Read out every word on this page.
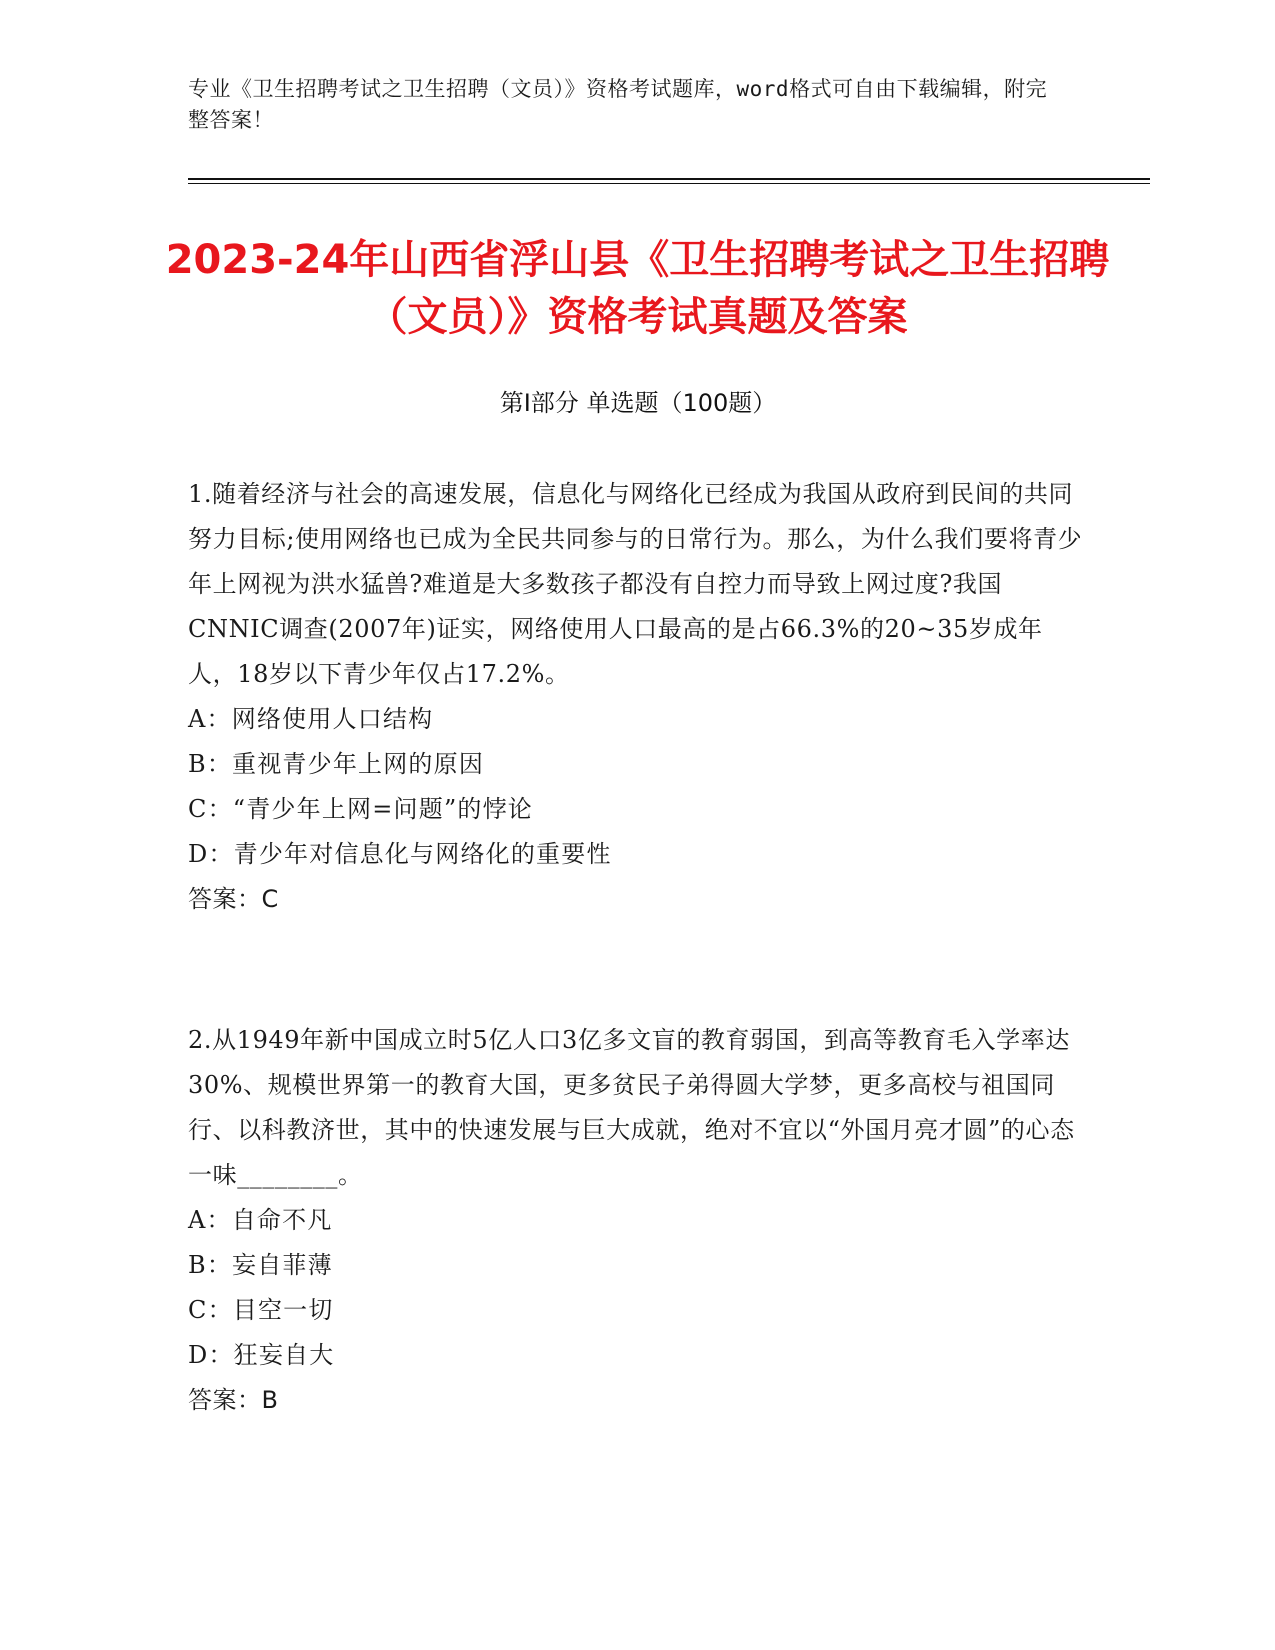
专业《卫生招聘考试之卫生招聘（文员）》资格考试题库，word格式可自由下载编辑，附完整答案！
2023-24年山西省浮山县《卫生招聘考试之卫生招聘（文员）》资格考试真题及答案
第Ⅰ部分 单选题（100题）

1.随着经济与社会的高速发展，信息化与网络化已经成为我国从政府到民间的共同努力目标;使用网络也已成为全民共同参与的日常行为。那么，为什么我们要将青少年上网视为洪水猛兽?难道是大多数孩子都没有自控力而导致上网过度?我国CNNIC调查(2007年)证实，网络使用人口最高的是占66.3%的20~35岁成年人，18岁以下青少年仅占17.2%。

A：网络使用人口结构

B：重视青少年上网的原因

C：“青少年上网=问题”的悖论

D：青少年对信息化与网络化的重要性

答案：C

2.从1949年新中国成立时5亿人口3亿多文盲的教育弱国，到高等教育毛入学率达30%、规模世界第一的教育大国，更多贫民子弟得圆大学梦，更多高校与祖国同行、以科教济世，其中的快速发展与巨大成就，绝对不宜以“外国月亮才圆”的心态一味________。

A：自命不凡

B：妄自菲薄

C：目空一切

D：狂妄自大

答案：B
